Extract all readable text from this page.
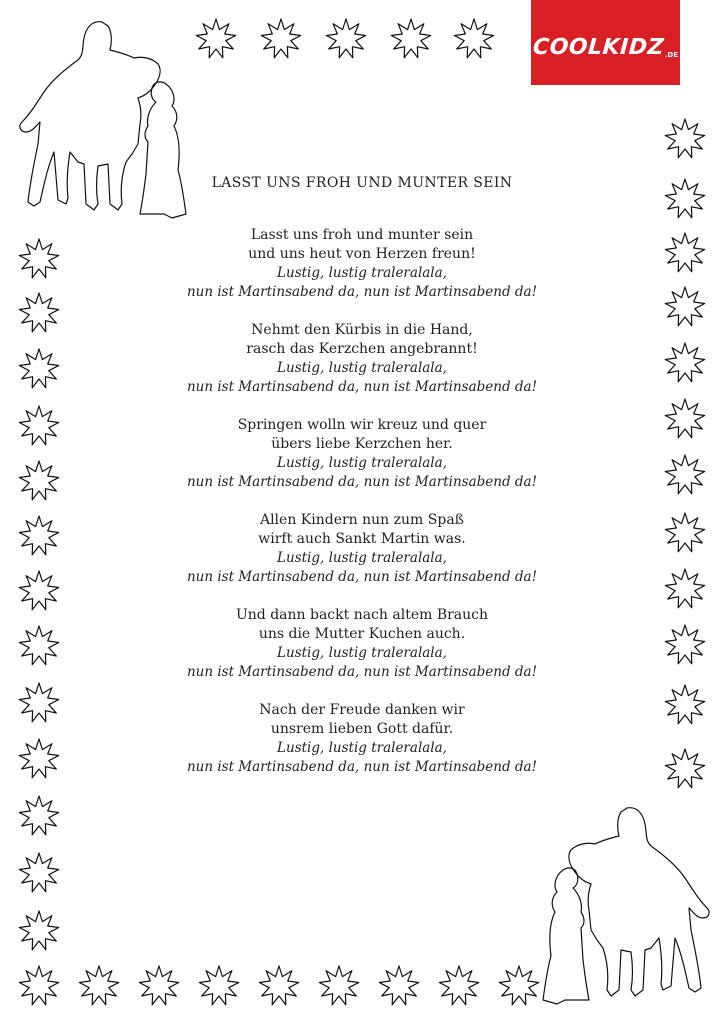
COOLKIDZ .DE
LASST UNS FROH UND MUNTER SEIN
Lasst uns froh und munter sein
und uns heut von Herzen freun!
Lustig, lustig traleralala,
nun ist Martinsabend da, nun ist Martinsabend da!
Nehmt den Kürbis in die Hand,
rasch das Kerzchen angebrannt!
Lustig, lustig traleralala,
nun ist Martinsabend da, nun ist Martinsabend da!
Springen wolln wir kreuz und quer
übers liebe Kerzchen her.
Lustig, lustig traleralala,
nun ist Martinsabend da, nun ist Martinsabend da!
Allen Kindern nun zum Spaß
wirft auch Sankt Martin was.
Lustig, lustig traleralala,
nun ist Martinsabend da, nun ist Martinsabend da!
Und dann backt nach altem Brauch
uns die Mutter Kuchen auch.
Lustig, lustig traleralala,
nun ist Martinsabend da, nun ist Martinsabend da!
Nach der Freude danken wir
unsrem lieben Gott dafür.
Lustig, lustig traleralala,
nun ist Martinsabend da, nun ist Martinsabend da!
